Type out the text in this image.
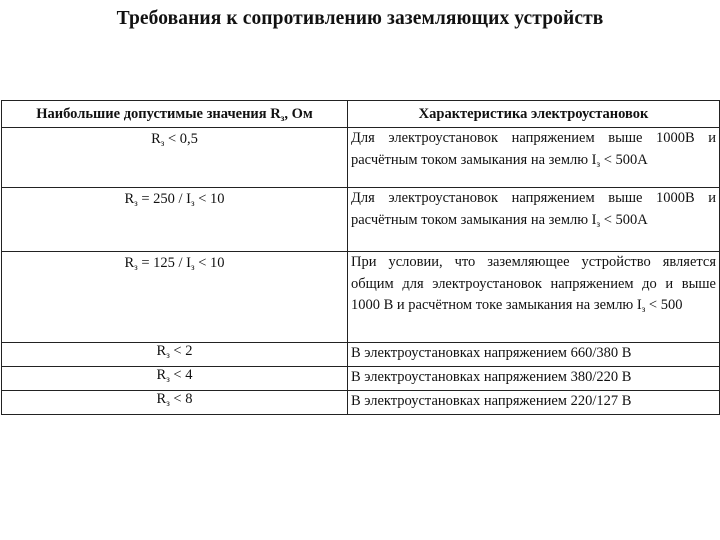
Требования к сопротивлению заземляющих устройств
Наибольшие допустимые значения $R_з$, Ом	Характеристика электроустановок
$R_з < 0,5$	Для электроустановок напряжением выше 1000В и расчётным током замыкания на землю $I_з < 500А$
$R_з = 250 / I_з < 10$	Для электроустановок напряжением выше 1000В и расчётным током замыкания на землю $I_з < 500А$
$R_з = 125 / I_з < 10$	При условии, что заземляющее устройство является общим для электроустановок напряжением до и выше 1000 В и расчётном токе замыкания на землю $I_з < 500$
$R_з < 2$	В электроустановках напряжением 660/380 В
$R_з < 4$	В электроустановках напряжением 380/220 В
$R_з < 8$	В электроустановках напряжением 220/127 В
